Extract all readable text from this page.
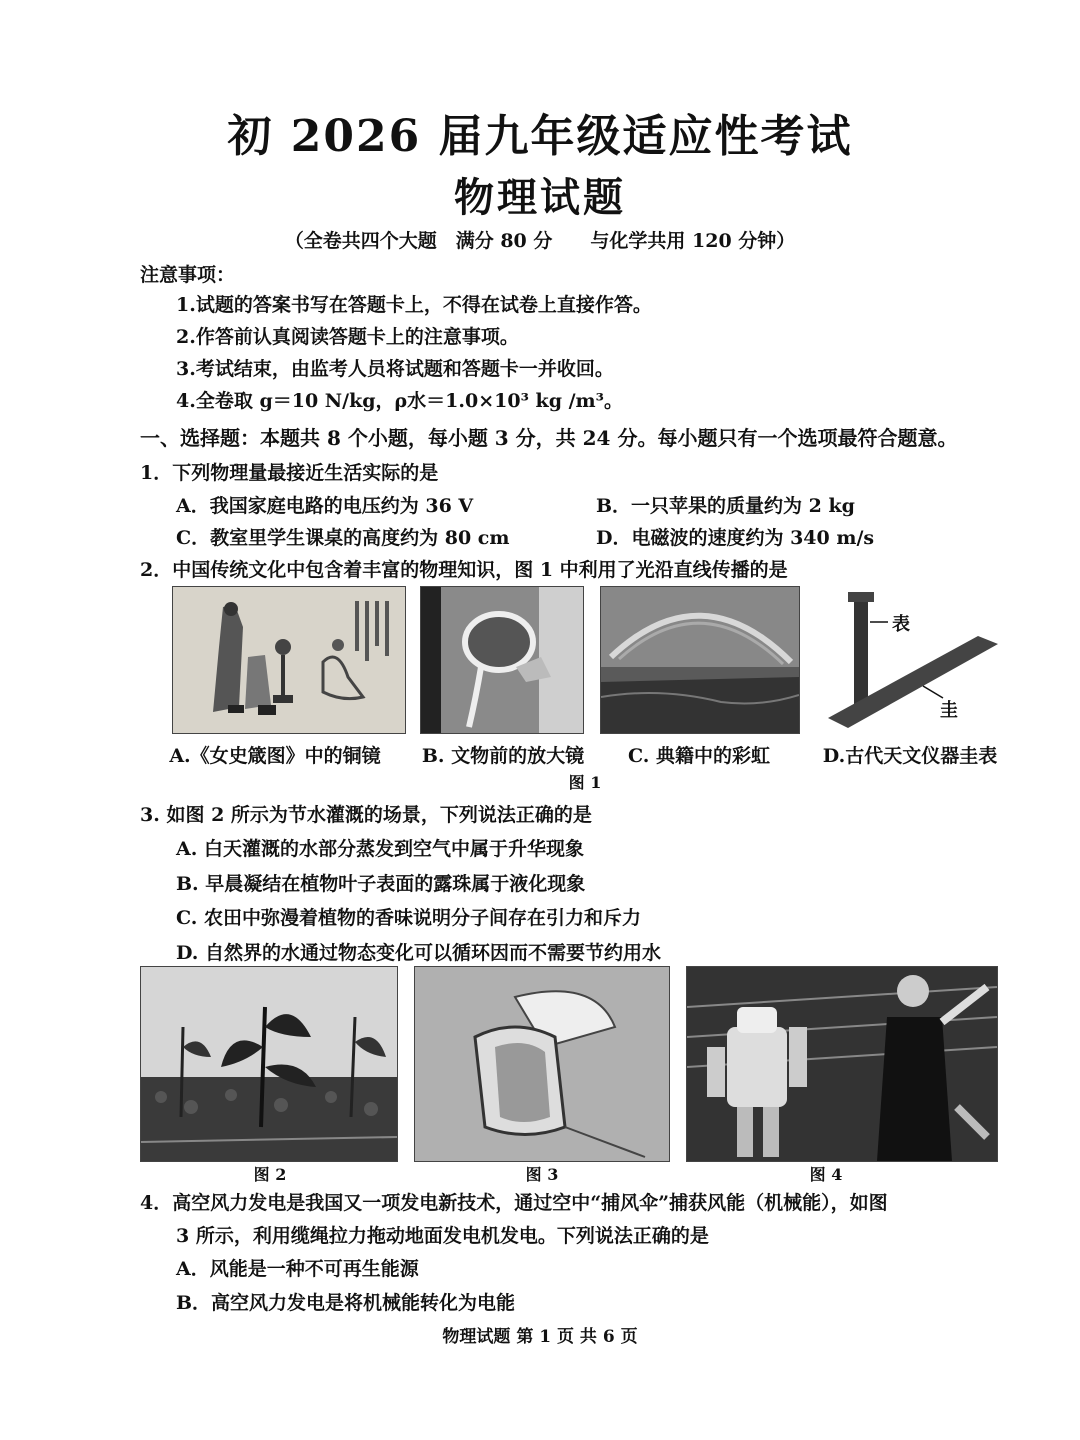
初 2026 届九年级适应性考试
物理试题
（全卷共四个大题　满分 80 分　　与化学共用 120 分钟）
注意事项：
1.试题的答案书写在答题卡上，不得在试卷上直接作答。
2.作答前认真阅读答题卡上的注意事项。
3.考试结束，由监考人员将试题和答题卡一并收回。
4.全卷取 g＝10 N/kg，ρ水＝1.0×10³ kg /m³。
一、选择题：本题共 8 个小题，每小题 3 分，共 24 分。每小题只有一个选项最符合题意。
1．下列物理量最接近生活实际的是
A．我国家庭电路的电压约为 36 V	B．一只苹果的质量约为 2 kg
C．教室里学生课桌的高度约为 80 cm	D．电磁波的速度约为 340 m/s
2．中国传统文化中包含着丰富的物理知识，图 1 中利用了光沿直线传播的是
表
圭
A.《女史箴图》中的铜镜	B. 文物前的放大镜	C. 典籍中的彩虹	D.古代天文仪器圭表
图 1
3. 如图 2 所示为节水灌溉的场景，下列说法正确的是
A. 白天灌溉的水部分蒸发到空气中属于升华现象
B. 早晨凝结在植物叶子表面的露珠属于液化现象
C. 农田中弥漫着植物的香味说明分子间存在引力和斥力
D. 自然界的水通过物态变化可以循环因而不需要节约用水
图 2	图 3	图 4
4．高空风力发电是我国又一项发电新技术，通过空中“捕风伞”捕获风能（机械能），如图
3 所示，利用缆绳拉力拖动地面发电机发电。下列说法正确的是
A．风能是一种不可再生能源
B．高空风力发电是将机械能转化为电能
物理试题 第 1 页 共 6 页
